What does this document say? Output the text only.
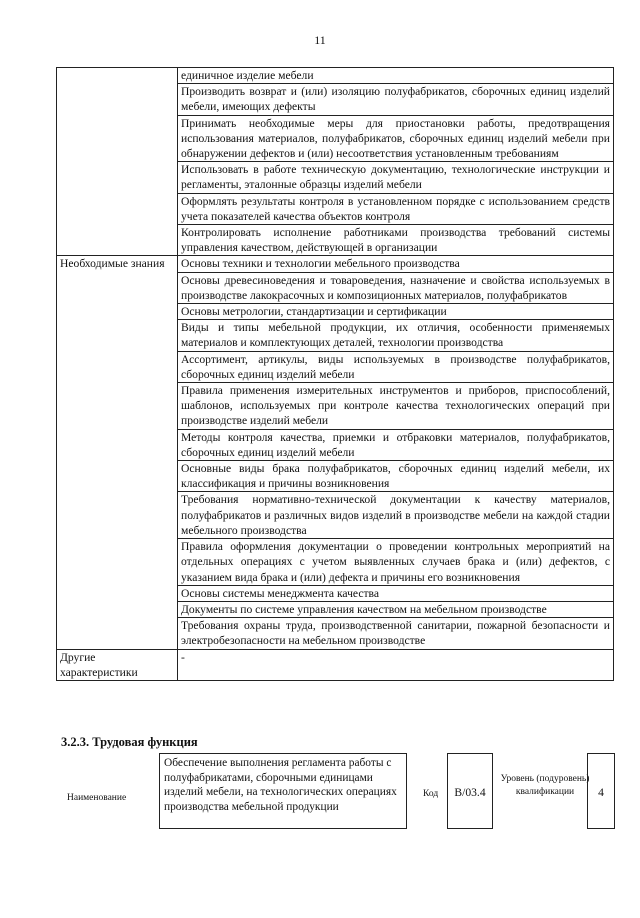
11

	единичное изделие мебели

	Производить возврат и (или) изоляцию полуфабрикатов, сборочных единиц изделий мебели, имеющих дефекты

	Принимать необходимые меры для приостановки работы, предотвращения использования материалов, полуфабрикатов, сборочных единиц изделий мебели при обнаружении дефектов и (или) несоответствия установленным требованиям

	Использовать в работе техническую документацию, технологические инструкции и регламенты, эталонные образцы изделий мебели

	Оформлять результаты контроля в установленном порядке с использованием средств учета показателей качества объектов контроля

	Контролировать исполнение работниками производства требований системы управления качеством, действующей в организации

Необходимые знания	Основы техники и технологии мебельного производства

	Основы древесиноведения и товароведения, назначение и свойства используемых в производстве лакокрасочных и композиционных материалов, полуфабрикатов

	Основы метрологии, стандартизации и сертификации

	Виды и типы мебельной продукции, их отличия, особенности применяемых материалов и комплектующих деталей, технологии производства

	Ассортимент, артикулы, виды используемых в производстве полуфабрикатов, сборочных единиц изделий мебели

	Правила применения измерительных инструментов и приборов, приспособлений, шаблонов, используемых при контроле качества технологических операций при производстве изделий мебели

	Методы контроля качества, приемки и отбраковки материалов, полуфабрикатов, сборочных единиц изделий мебели

	Основные виды брака полуфабрикатов, сборочных единиц изделий мебели, их классификация и причины возникновения

	Требования нормативно-технической документации к качеству материалов, полуфабрикатов и различных видов изделий в производстве мебели на каждой стадии мебельного производства

	Правила оформления документации о проведении контрольных мероприятий на отдельных операциях с учетом выявленных случаев брака и (или) дефектов, с указанием вида брака и (или) дефекта и причины его возникновения

	Основы системы менеджмента качества

	Документы по системе управления качеством на мебельном производстве

	Требования охраны труда, производственной санитарии, пожарной безопасности и электробезопасности на мебельном производстве

Другие характеристики	-
3.2.3. Трудовая функция
Наименование
Обеспечение выполнения регламента работы с полуфабрикатами, сборочными единицами изделий мебели, на технологических операциях производства мебельной продукции
Код	B/03.4
Уровень (подуровень) квалификации	4
